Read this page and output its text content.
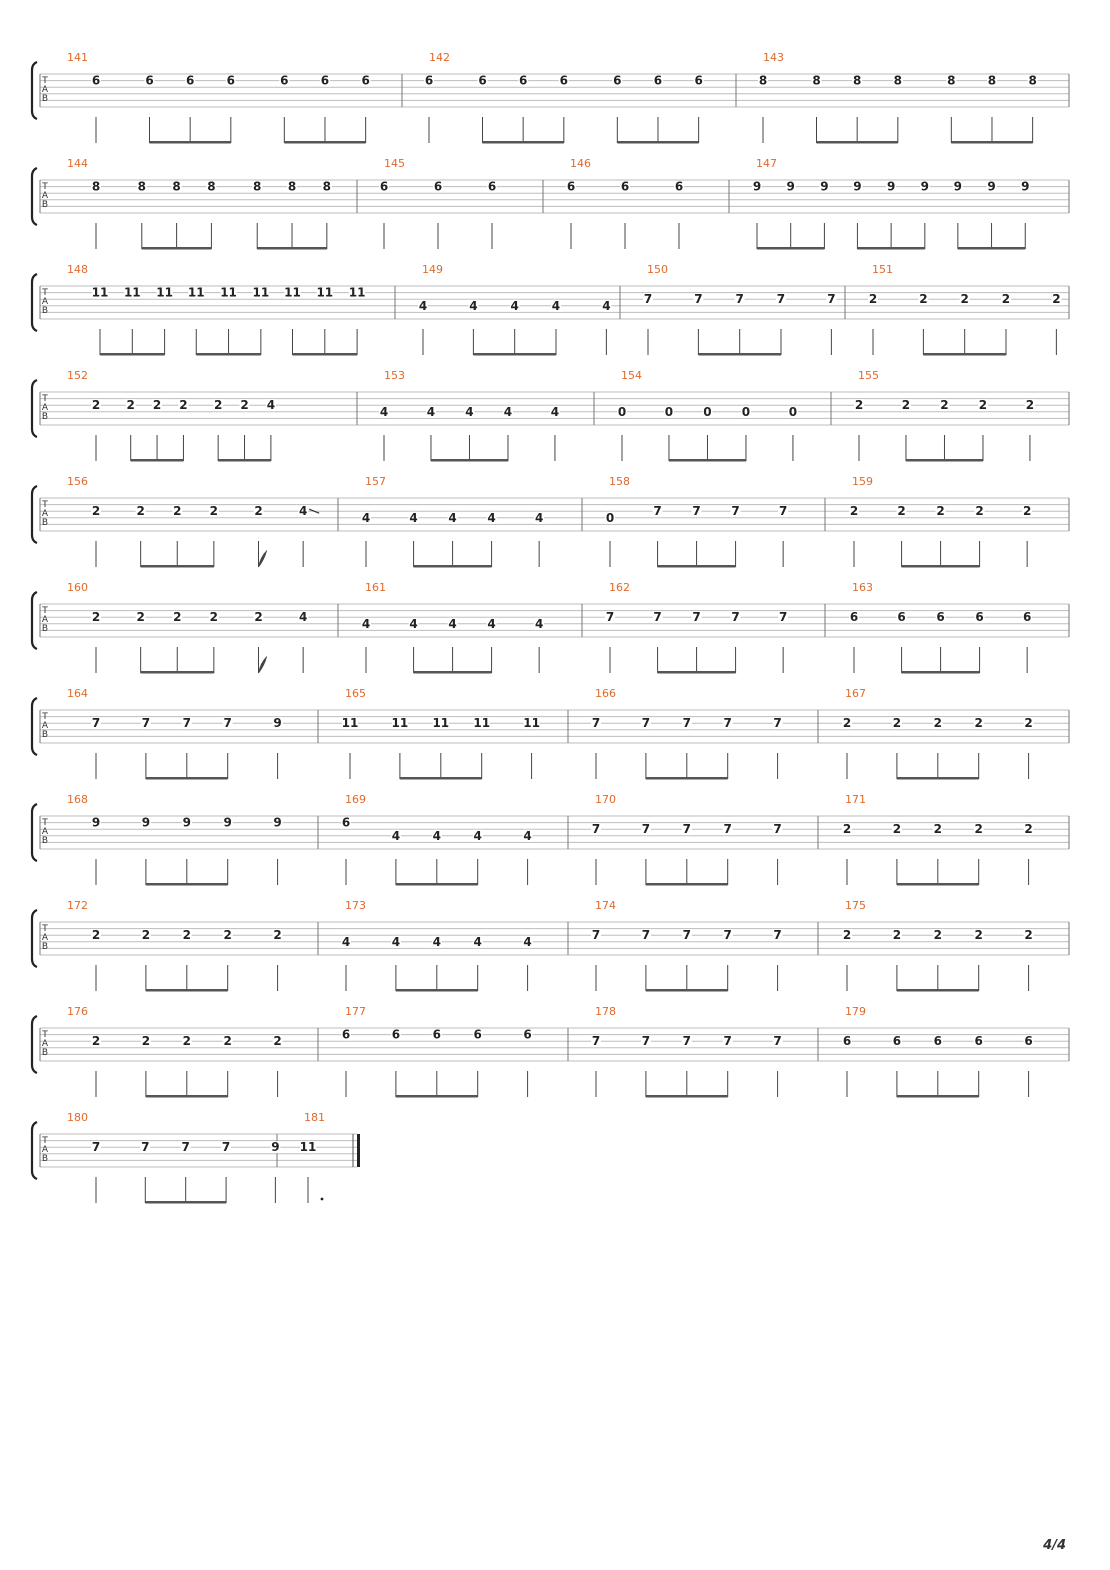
T
A
B
141
6	6	6	6	6	6	6
142
6	6	6	6	6	6	6
143
8	8	8	8	8	8	8
T
A
B
144
8	8 8 8	8 8 8
145
6	6	6
146
6	6	6
147
9 9 9 9 9 9 9 9 9
T
A
B
148
11 11 11 11 11 11 11 11 11
149
4	4	4	4	4
150
7	7	7	7	7
151
2	2	2	2	2
T
A
B
152
2 2 2 2 2 2 4
153
4	4	4	4	4
154
0	0	0	0	0
155
2	2	2	2	2
T
A
B
156
2	2 2 2	2	4
157
4	4	4	4	4
158
0	7	7	7	7
159
2	2	2	2	2
T
A
B
160
2	2 2 2	2	4
161
4	4	4	4	4
162
7	7	7	7	7
163
6	6	6	6	6
T
A
B
164
7	7	7	7	9
165
11	11 11 11	11
166
7	7	7	7	7
167
2	2	2	2	2
T
A
B
168
9	9	9	9	9
169
6
4	4	4	4
170
7	7	7	7	7
171
2	2	2	2	2
T
A
B
172
2	2	2	2	2
173
4	4	4	4	4
174
7	7	7	7	7
175
2	2	2	2	2
T
A
B
176
2	2	2	2	2
177
6	6	6	6	6
178
7	7	7	7	7
179
6	6	6	6	6
T
A
B
180
7	7	7	7	9
181
11
4/4
